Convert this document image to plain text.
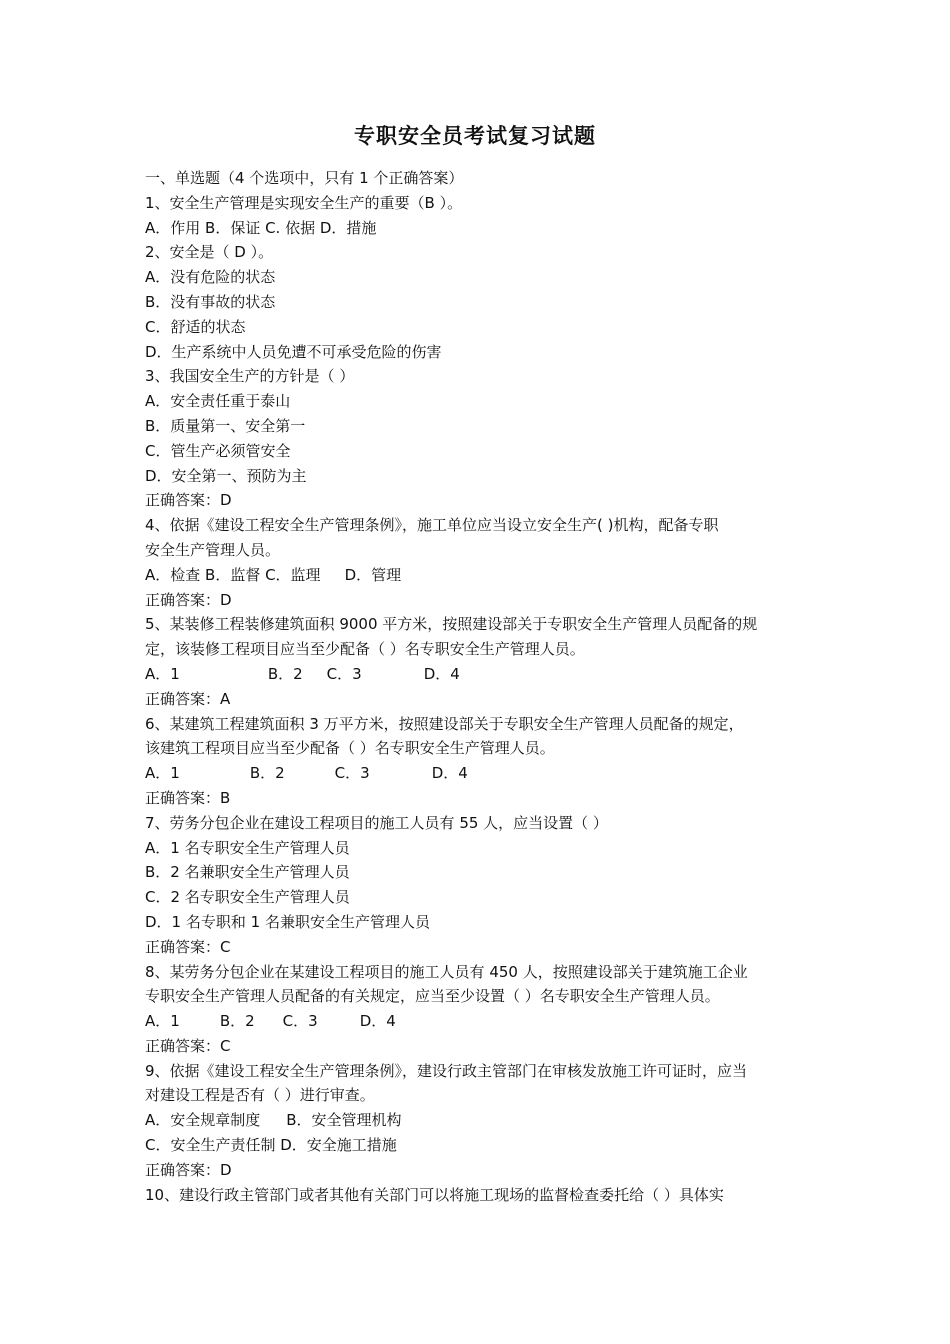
专职安全员考试复习试题
一、单选题（4 个选项中，只有 1 个正确答案）
1、安全生产管理是实现安全生产的重要（B ）。
A．作用 B．保证 C. 依据 D．措施
2、安全是（ D ）。
A．没有危险的状态
B．没有事故的状态
C．舒适的状态
D．生产系统中人员免遭不可承受危险的伤害
3、我国安全生产的方针是（ ）
A．安全责任重于泰山
B．质量第一、安全第一
C．管生产必须管安全
D．安全第一、预防为主
正确答案：D
4、依据《建设工程安全生产管理条例》，施工单位应当设立安全生产( )机构，配备专职
安全生产管理人员。
A．检查 B．监督 C．监理 D．管理
正确答案：D
5、某装修工程装修建筑面积 9000 平方米，按照建设部关于专职安全生产管理人员配备的规
定，该装修工程项目应当至少配备（ ）名专职安全生产管理人员。
A．1	B．2 C．3	D．4
正确答案：A
6、某建筑工程建筑面积 3 万平方米，按照建设部关于专职安全生产管理人员配备的规定，
该建筑工程项目应当至少配备（ ）名专职安全生产管理人员。
A．1	B．2	C．3	D．4
正确答案：B
7、劳务分包企业在建设工程项目的施工人员有 55 人，应当设置（ ）
A．1 名专职安全生产管理人员
B．2 名兼职安全生产管理人员
C．2 名专职安全生产管理人员
D．1 名专职和 1 名兼职安全生产管理人员
正确答案：C
8、某劳务分包企业在某建设工程项目的施工人员有 450 人，按照建设部关于建筑施工企业
专职安全生产管理人员配备的有关规定，应当至少设置（ ）名专职安全生产管理人员。
A．1	B．2 C．3	D．4
正确答案：C
9、依据《建设工程安全生产管理条例》，建设行政主管部门在审核发放施工许可证时，应当
对建设工程是否有（ ）进行审查。
A．安全规章制度 B．安全管理机构
C．安全生产责任制 D．安全施工措施
正确答案：D
10、建设行政主管部门或者其他有关部门可以将施工现场的监督检查委托给（ ）具体实
